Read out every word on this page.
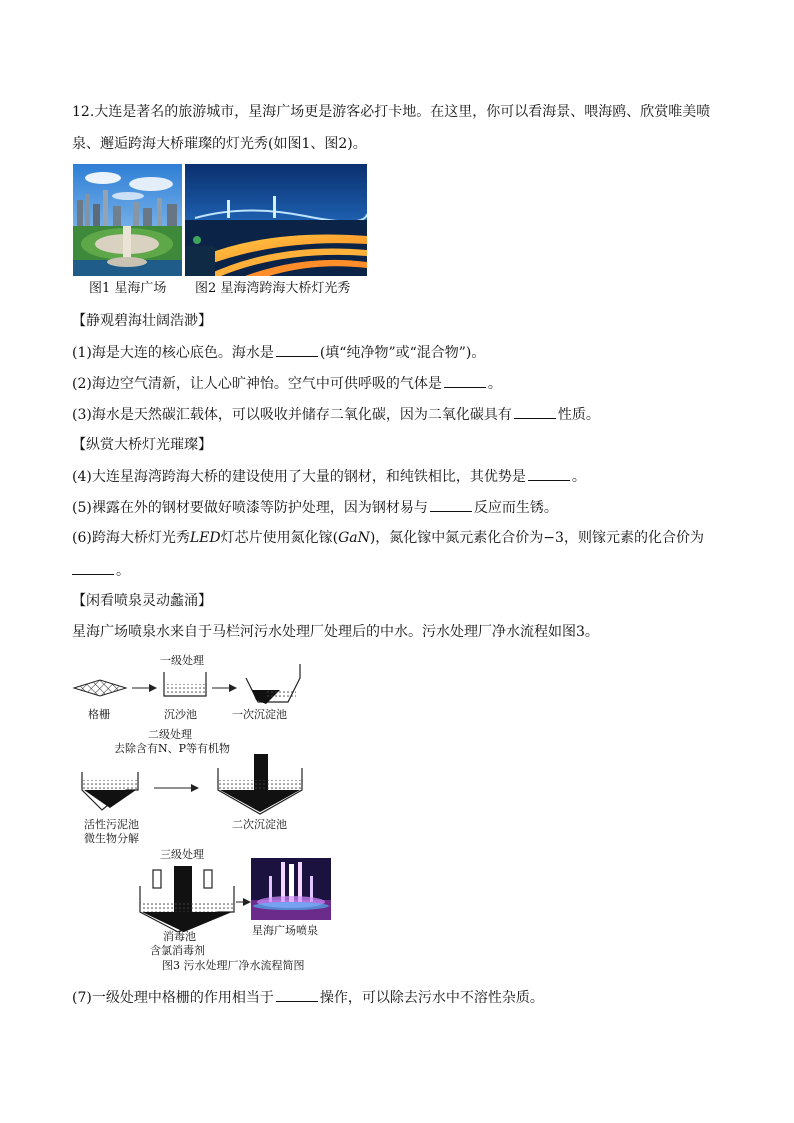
12.大连是著名的旅游城市，星海广场更是游客必打卡地。在这里，你可以看海景、喂海鸥、欣赏唯美喷
泉、邂逅跨海大桥璀璨的灯光秀(如图1、图2)。
图1 星海广场 图2 星海湾跨海大桥灯光秀
【静观碧海壮阔浩渺】
(1)海是大连的核心底色。海水是	(填“纯净物”或“混合物”)。
(2)海边空气清新，让人心旷神怡。空气中可供呼吸的气体是	。
(3)海水是天然碳汇载体，可以吸收并储存二氧化碳，因为二氧化碳具有	性质。
【纵赏大桥灯光璀璨】
(4)大连星海湾跨海大桥的建设使用了大量的钢材，和纯铁相比，其优势是	。
(5)裸露在外的钢材要做好喷漆等防护处理，因为钢材易与	反应而生锈。
(6)跨海大桥灯光秀LED灯芯片使用氮化镓(GaN)，氮化镓中氮元素化合价为−3，则镓元素的化合价为
。
【闲看喷泉灵动蠡涌】
星海广场喷泉水来自于马栏河污水处理厂处理后的中水。污水处理厂净水流程如图3。
一级处理
格栅	沉沙池	一次沉淀池
二级处理
去除含有N、P等有机物
活性污泥池
微生物分解
二次沉淀池
三级处理
消毒池
含氯消毒剂
星海广场喷泉
图3 污水处理厂净水流程简图
(7)一级处理中格栅的作用相当于	操作，可以除去污水中不溶性杂质。
